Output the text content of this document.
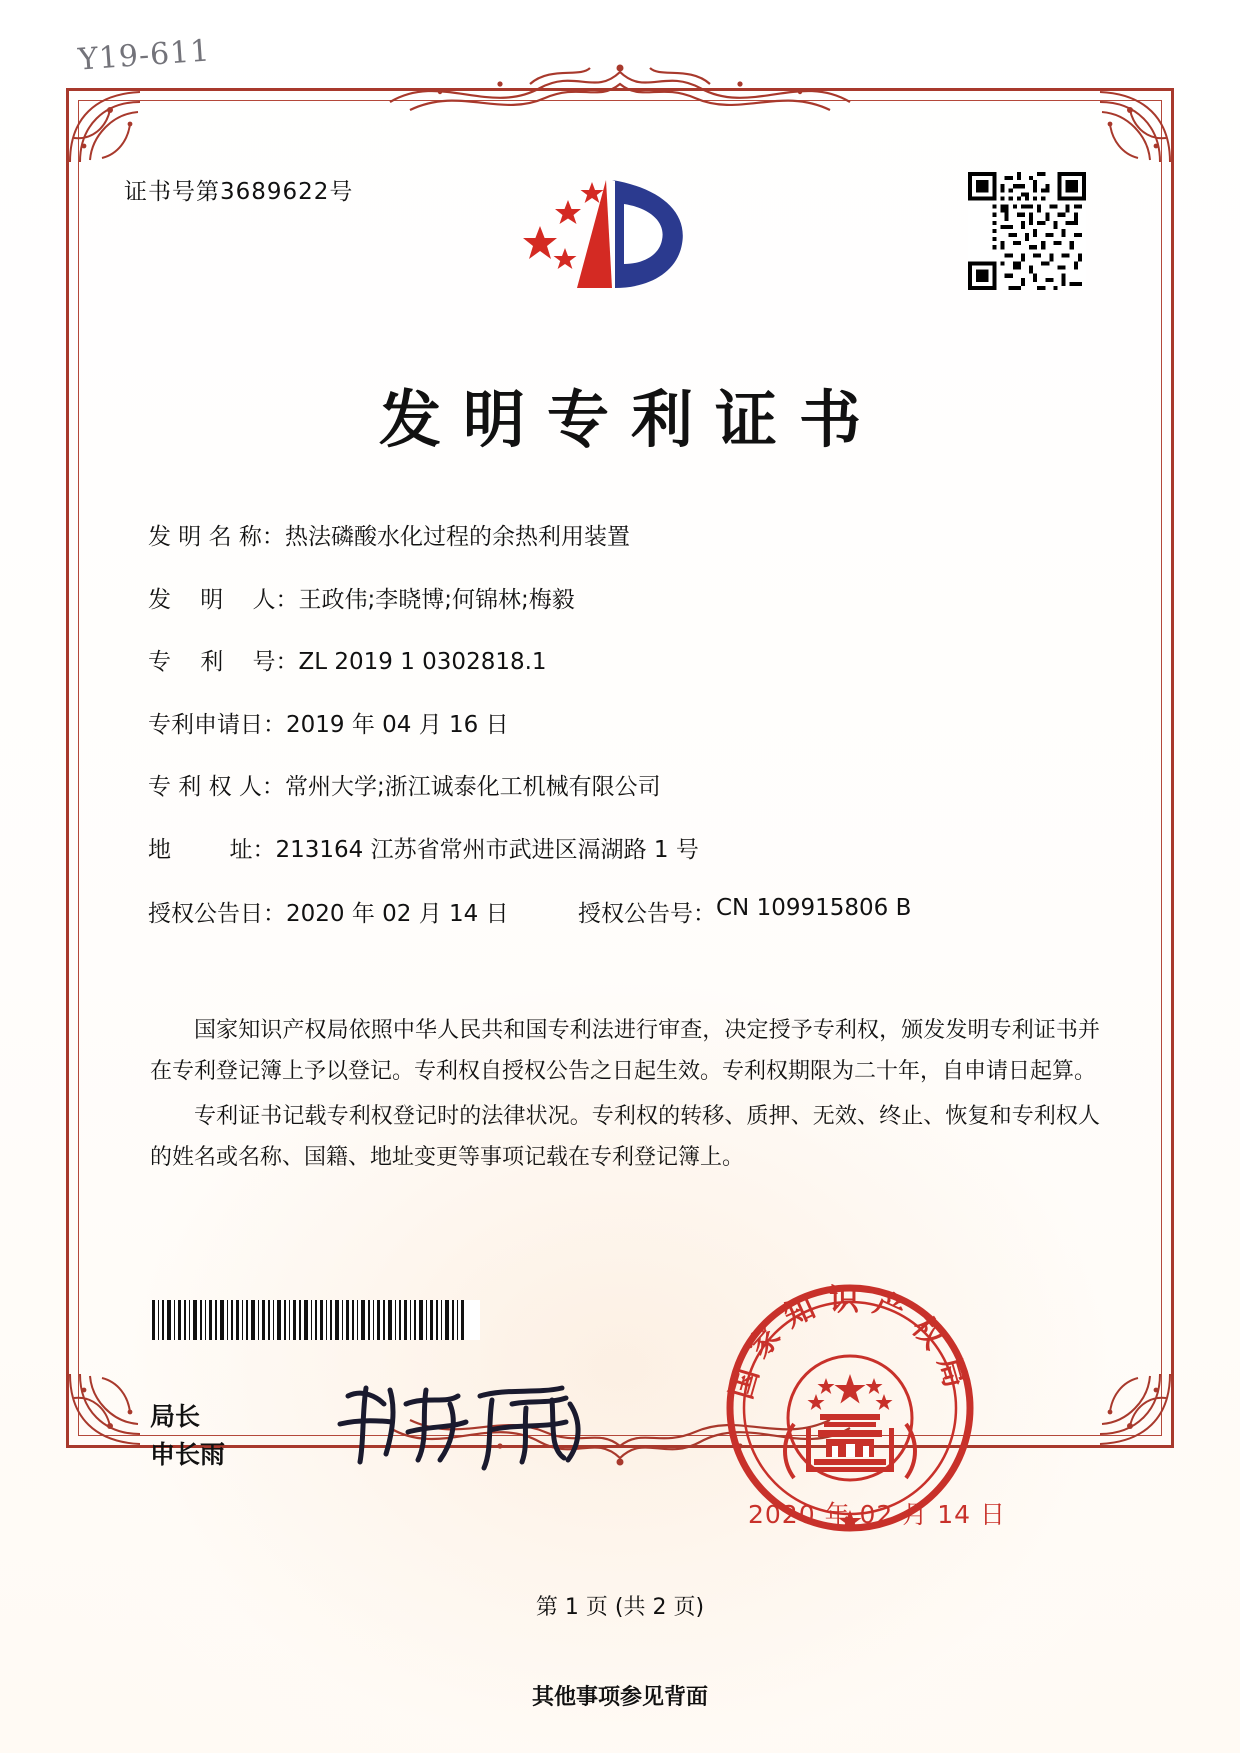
Y19-611
证书号第3689622号
发明专利证书
发 明 名 称： 热法磷酸水化过程的余热利用装置
发    明    人： 王政伟;李晓博;何锦林;梅毅
专    利    号： ZL 2019 1 0302818.1
专利申请日： 2019 年 04 月 16 日
专 利 权 人： 常州大学;浙江诚泰化工机械有限公司
地        址： 213164 江苏省常州市武进区滆湖路 1 号
授权公告日： 2020 年 02 月 14 日	授权公告号： CN 109915806 B

国家知识产权局依照中华人民共和国专利法进行审查，决定授予专利权，颁发发明专利证书并在专利登记簿上予以登记。专利权自授权公告之日起生效。专利权期限为二十年，自申请日起算。

专利证书记载专利权登记时的法律状况。专利权的转移、质押、无效、终止、恢复和专利权人的姓名或名称、国籍、地址变更等事项记载在专利登记簿上。

局长
申长雨
国家知识产权局
2020 年 02 月 14 日
第 1 页 (共 2 页)
其他事项参见背面
